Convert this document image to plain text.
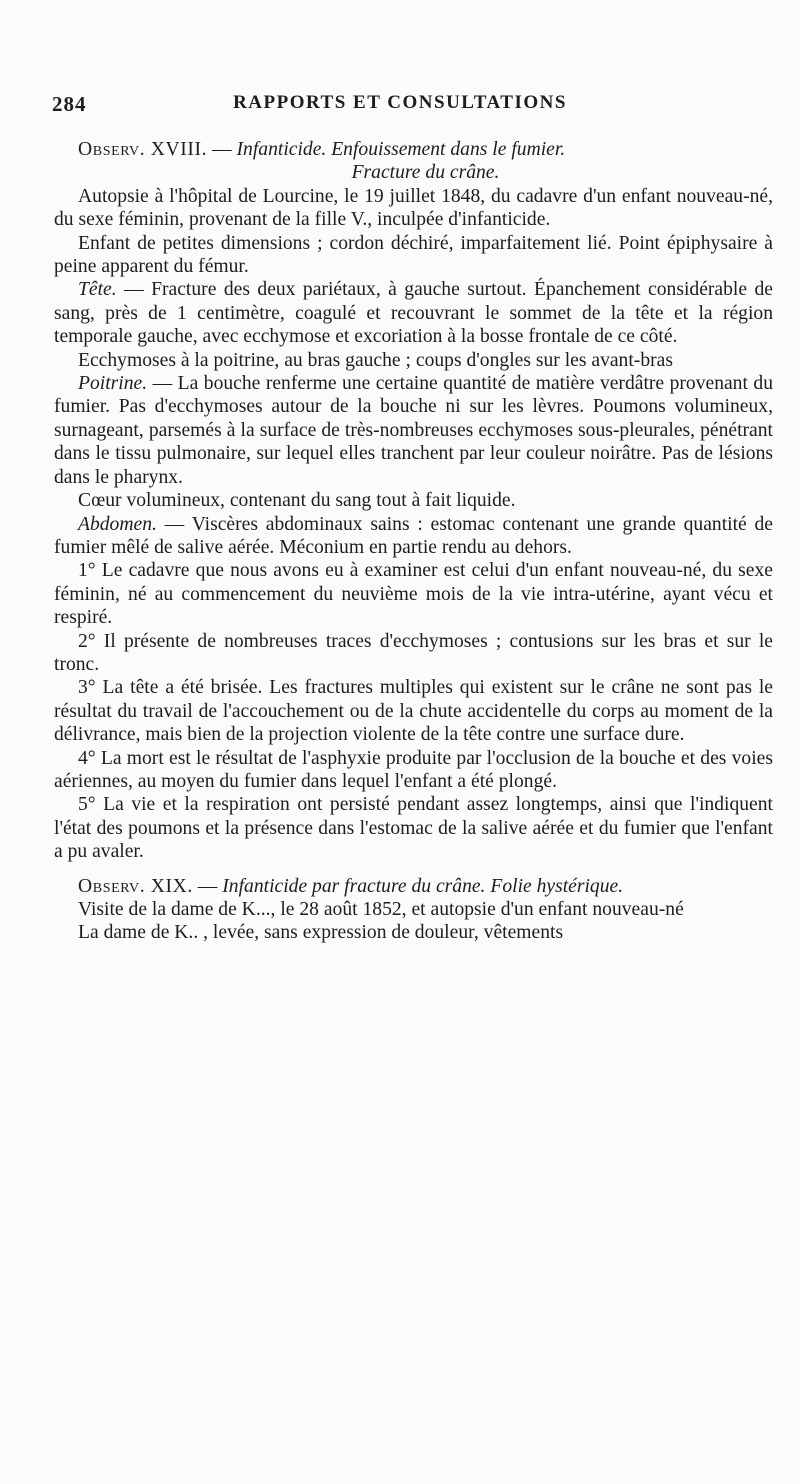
284	RAPPORTS ET CONSULTATIONS

Observ. XVIII. — Infanticide. Enfouissement dans le fumier.

Fracture du crâne.

Autopsie à l'hôpital de Lourcine, le 19 juillet 1848, du cadavre d'un enfant nouveau-né, du sexe féminin, provenant de la fille V., inculpée d'infanticide.

Enfant de petites dimensions ; cordon déchiré, imparfaitement lié. Point épiphysaire à peine apparent du fémur.

Tête. — Fracture des deux pariétaux, à gauche surtout. Épanchement considérable de sang, près de 1 centimètre, coagulé et recouvrant le sommet de la tête et la région temporale gauche, avec ecchymose et excoriation à la bosse frontale de ce côté.

Ecchymoses à la poitrine, au bras gauche ; coups d'ongles sur les avant-bras

Poitrine. — La bouche renferme une certaine quantité de matière verdâtre provenant du fumier. Pas d'ecchymoses autour de la bouche ni sur les lèvres. Poumons volumineux, surnageant, parsemés à la surface de très-nombreuses ecchymoses sous-pleurales, pénétrant dans le tissu pulmonaire, sur lequel elles tranchent par leur couleur noirâtre. Pas de lésions dans le pharynx.

Cœur volumineux, contenant du sang tout à fait liquide.

Abdomen. — Viscères abdominaux sains : estomac contenant une grande quantité de fumier mêlé de salive aérée. Méconium en partie rendu au dehors.

1° Le cadavre que nous avons eu à examiner est celui d'un enfant nouveau-né, du sexe féminin, né au commencement du neuvième mois de la vie intra-utérine, ayant vécu et respiré.

2° Il présente de nombreuses traces d'ecchymoses ; contusions sur les bras et sur le tronc.

3° La tête a été brisée. Les fractures multiples qui existent sur le crâne ne sont pas le résultat du travail de l'accouchement ou de la chute accidentelle du corps au moment de la délivrance, mais bien de la projection violente de la tête contre une surface dure.

4° La mort est le résultat de l'asphyxie produite par l'occlusion de la bouche et des voies aériennes, au moyen du fumier dans lequel l'enfant a été plongé.

5° La vie et la respiration ont persisté pendant assez longtemps, ainsi que l'indiquent l'état des poumons et la présence dans l'estomac de la salive aérée et du fumier que l'enfant a pu avaler.

Observ. XIX. — Infanticide par fracture du crâne. Folie hystérique.

Visite de la dame de K..., le 28 août 1852, et autopsie d'un enfant nouveau-né

La dame de K.. , levée, sans expression de douleur, vêtements
